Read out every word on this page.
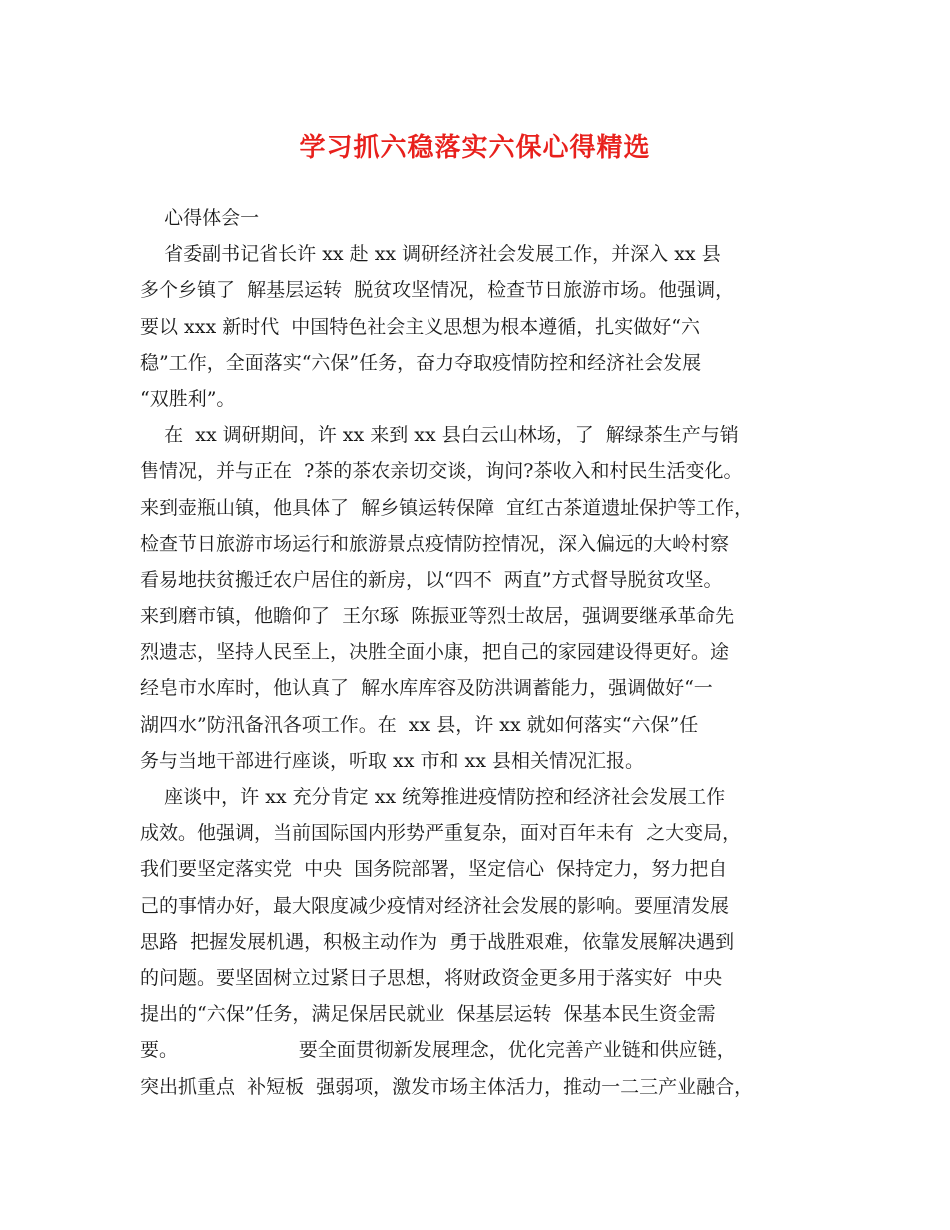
学习抓六稳落实六保心得精选
心得体会一
省委副书记省长许 xx 赴 xx 调研经济社会发展工作，并深入 xx 县
多个乡镇了  解基层运转  脱贫攻坚情况，检查节日旅游市场。他强调，
要以 xxx 新时代  中国特色社会主义思想为根本遵循，扎实做好“六
稳”工作，全面落实“六保”任务，奋力夺取疫情防控和经济社会发展
“双胜利”。
在  xx 调研期间，许 xx 来到 xx 县白云山林场，了  解绿茶生产与销
售情况，并与正在  ?茶的茶农亲切交谈，询问?茶收入和村民生活变化。
来到壶瓶山镇，他具体了  解乡镇运转保障  宜红古茶道遗址保护等工作，
检查节日旅游市场运行和旅游景点疫情防控情况，深入偏远的大岭村察
看易地扶贫搬迁农户居住的新房，以“四不  两直”方式督导脱贫攻坚。
来到磨市镇，他瞻仰了  王尔琢  陈振亚等烈士故居，强调要继承革命先
烈遗志，坚持人民至上，决胜全面小康，把自己的家园建设得更好。途
经皂市水库时，他认真了  解水库库容及防洪调蓄能力，强调做好“一
湖四水”防汛备汛各项工作。在  xx 县，许 xx 就如何落实“六保”任
务与当地干部进行座谈，听取 xx 市和 xx 县相关情况汇报。
座谈中，许 xx 充分肯定 xx 统筹推进疫情防控和经济社会发展工作
成效。他强调，当前国际国内形势严重复杂，面对百年未有  之大变局，
我们要坚定落实党  中央  国务院部署，坚定信心  保持定力，努力把自
己的事情办好，最大限度减少疫情对经济社会发展的影响。要厘清发展
思路  把握发展机遇，积极主动作为  勇于战胜艰难，依靠发展解决遇到
的问题。要坚固树立过紧日子思想，将财政资金更多用于落实好  中央
提出的“六保”任务，满足保居民就业  保基层运转  保基本民生资金需
要。                    要全面贯彻新发展理念，优化完善产业链和供应链，
突出抓重点  补短板  强弱项，激发市场主体活力，推动一二三产业融合，
